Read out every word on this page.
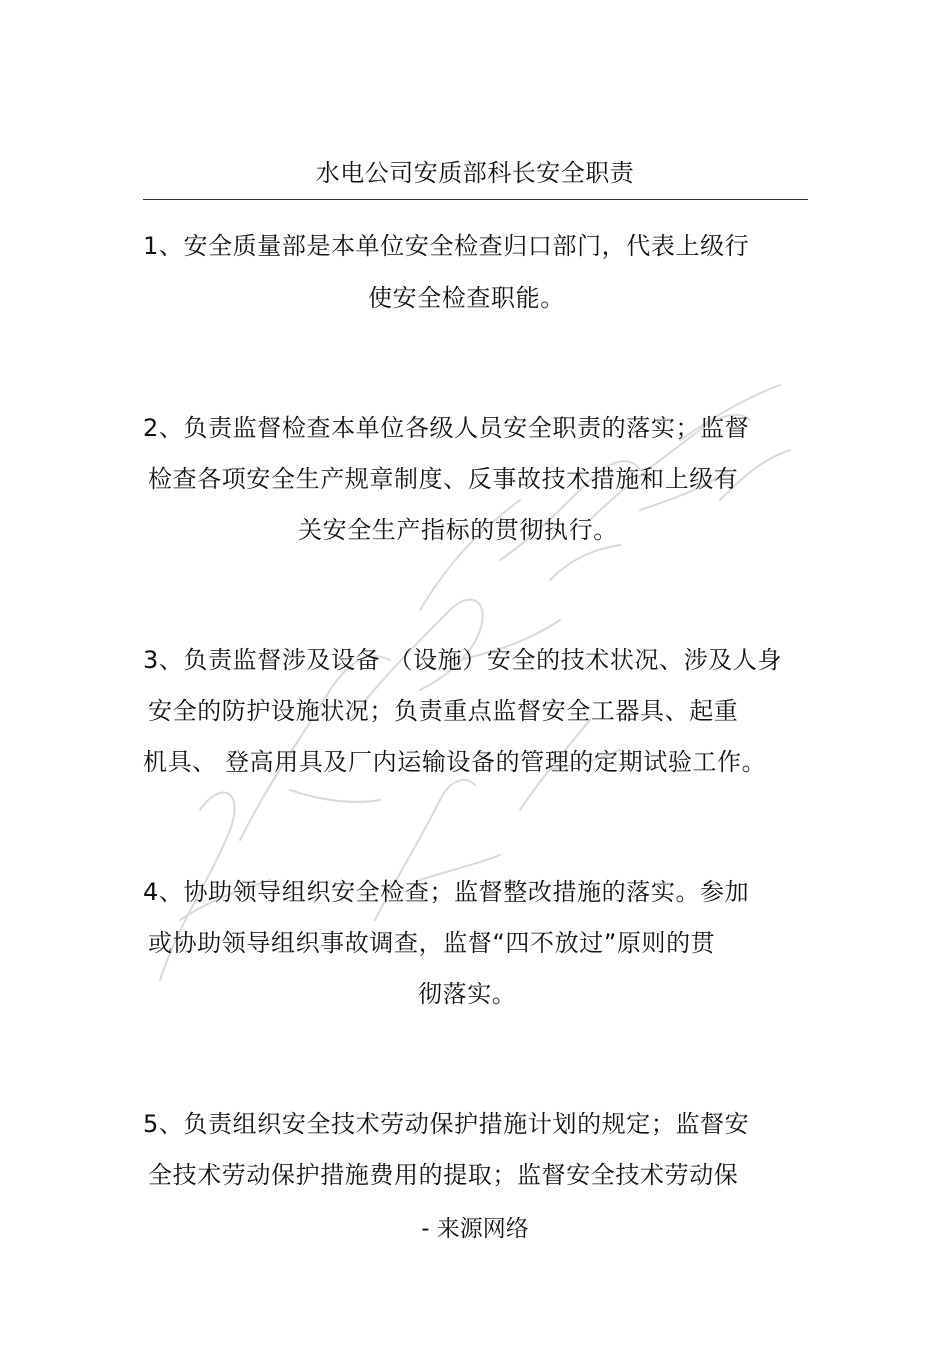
水电公司安质部科长安全职责
1、安全质量部是本单位安全检查归口部门，代表上级行
使安全检查职能。
2、负责监督检查本单位各级人员安全职责的落实；监督
检查各项安全生产规章制度、反事故技术措施和上级有
关安全生产指标的贯彻执行。
3、负责监督涉及设备 （设施）安全的技术状况、涉及人身
安全的防护设施状况；负责重点监督安全工器具、起重
机具、 登高用具及厂内运输设备的管理的定期试验工作。
4、协助领导组织安全检查；监督整改措施的落实。参加
或协助领导组织事故调查，监督“四不放过”原则的贯
彻落实。
5、负责组织安全技术劳动保护措施计划的规定；监督安
全技术劳动保护措施费用的提取；监督安全技术劳动保
- 来源网络
